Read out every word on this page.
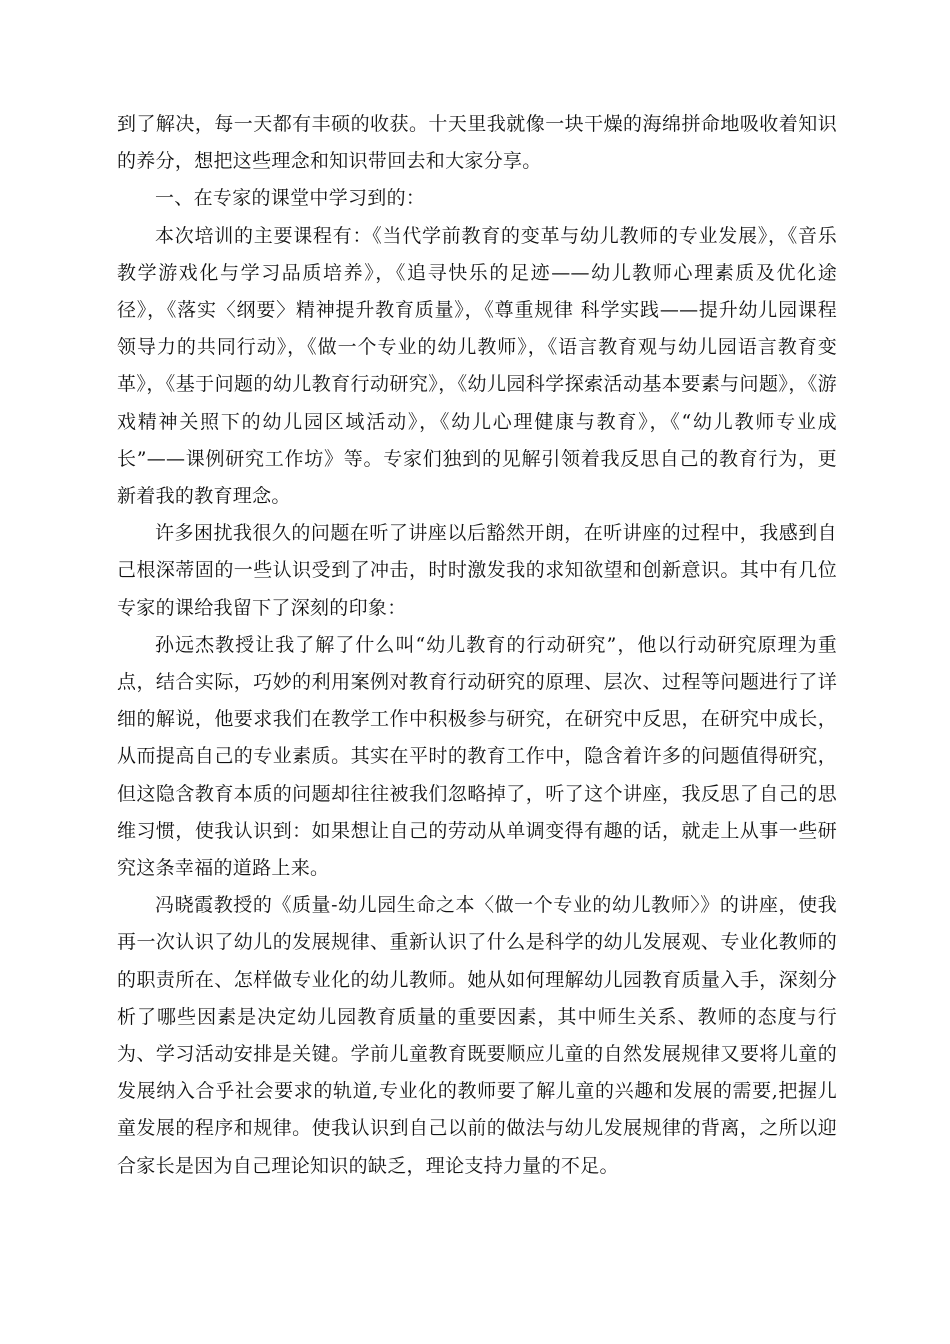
到了解决，每一天都有丰硕的收获。十天里我就像一块干燥的海绵拼命地吸收着知识的养分，想把这些理念和知识带回去和大家分享。

一、在专家的课堂中学习到的：

本次培训的主要课程有：《当代学前教育的变革与幼儿教师的专业发展》，《音乐教学游戏化与学习品质培养》，《追寻快乐的足迹——幼儿教师心理素质及优化途径》，《落实〈纲要〉精神提升教育质量》，《尊重规律 科学实践——提升幼儿园课程领导力的共同行动》，《做一个专业的幼儿教师》，《语言教育观与幼儿园语言教育变革》，《基于问题的幼儿教育行动研究》，《幼儿园科学探索活动基本要素与问题》，《游戏精神关照下的幼儿园区域活动》，《幼儿心理健康与教育》，《“幼儿教师专业成长”——课例研究工作坊》等。专家们独到的见解引领着我反思自己的教育行为，更新着我的教育理念。

许多困扰我很久的问题在听了讲座以后豁然开朗，在听讲座的过程中，我感到自己根深蒂固的一些认识受到了冲击，时时激发我的求知欲望和创新意识。其中有几位专家的课给我留下了深刻的印象：

孙远杰教授让我了解了什么叫“幼儿教育的行动研究”，他以行动研究原理为重点，结合实际，巧妙的利用案例对教育行动研究的原理、层次、过程等问题进行了详细的解说，他要求我们在教学工作中积极参与研究，在研究中反思，在研究中成长，从而提高自己的专业素质。其实在平时的教育工作中，隐含着许多的问题值得研究，但这隐含教育本质的问题却往往被我们忽略掉了，听了这个讲座，我反思了自己的思维习惯，使我认识到：如果想让自己的劳动从单调变得有趣的话，就走上从事一些研究这条幸福的道路上来。

冯晓霞教授的《质量-幼儿园生命之本〈做一个专业的幼儿教师〉》的讲座，使我再一次认识了幼儿的发展规律、重新认识了什么是科学的幼儿发展观、专业化教师的的职责所在、怎样做专业化的幼儿教师。她从如何理解幼儿园教育质量入手，深刻分析了哪些因素是决定幼儿园教育质量的重要因素，其中师生关系、教师的态度与行为、学习活动安排是关键。学前儿童教育既要顺应儿童的自然发展规律又要将儿童的发展纳入合乎社会要求的轨道,专业化的教师要了解儿童的兴趣和发展的需要,把握儿童发展的程序和规律。使我认识到自己以前的做法与幼儿发展规律的背离，之所以迎合家长是因为自己理论知识的缺乏，理论支持力量的不足。
